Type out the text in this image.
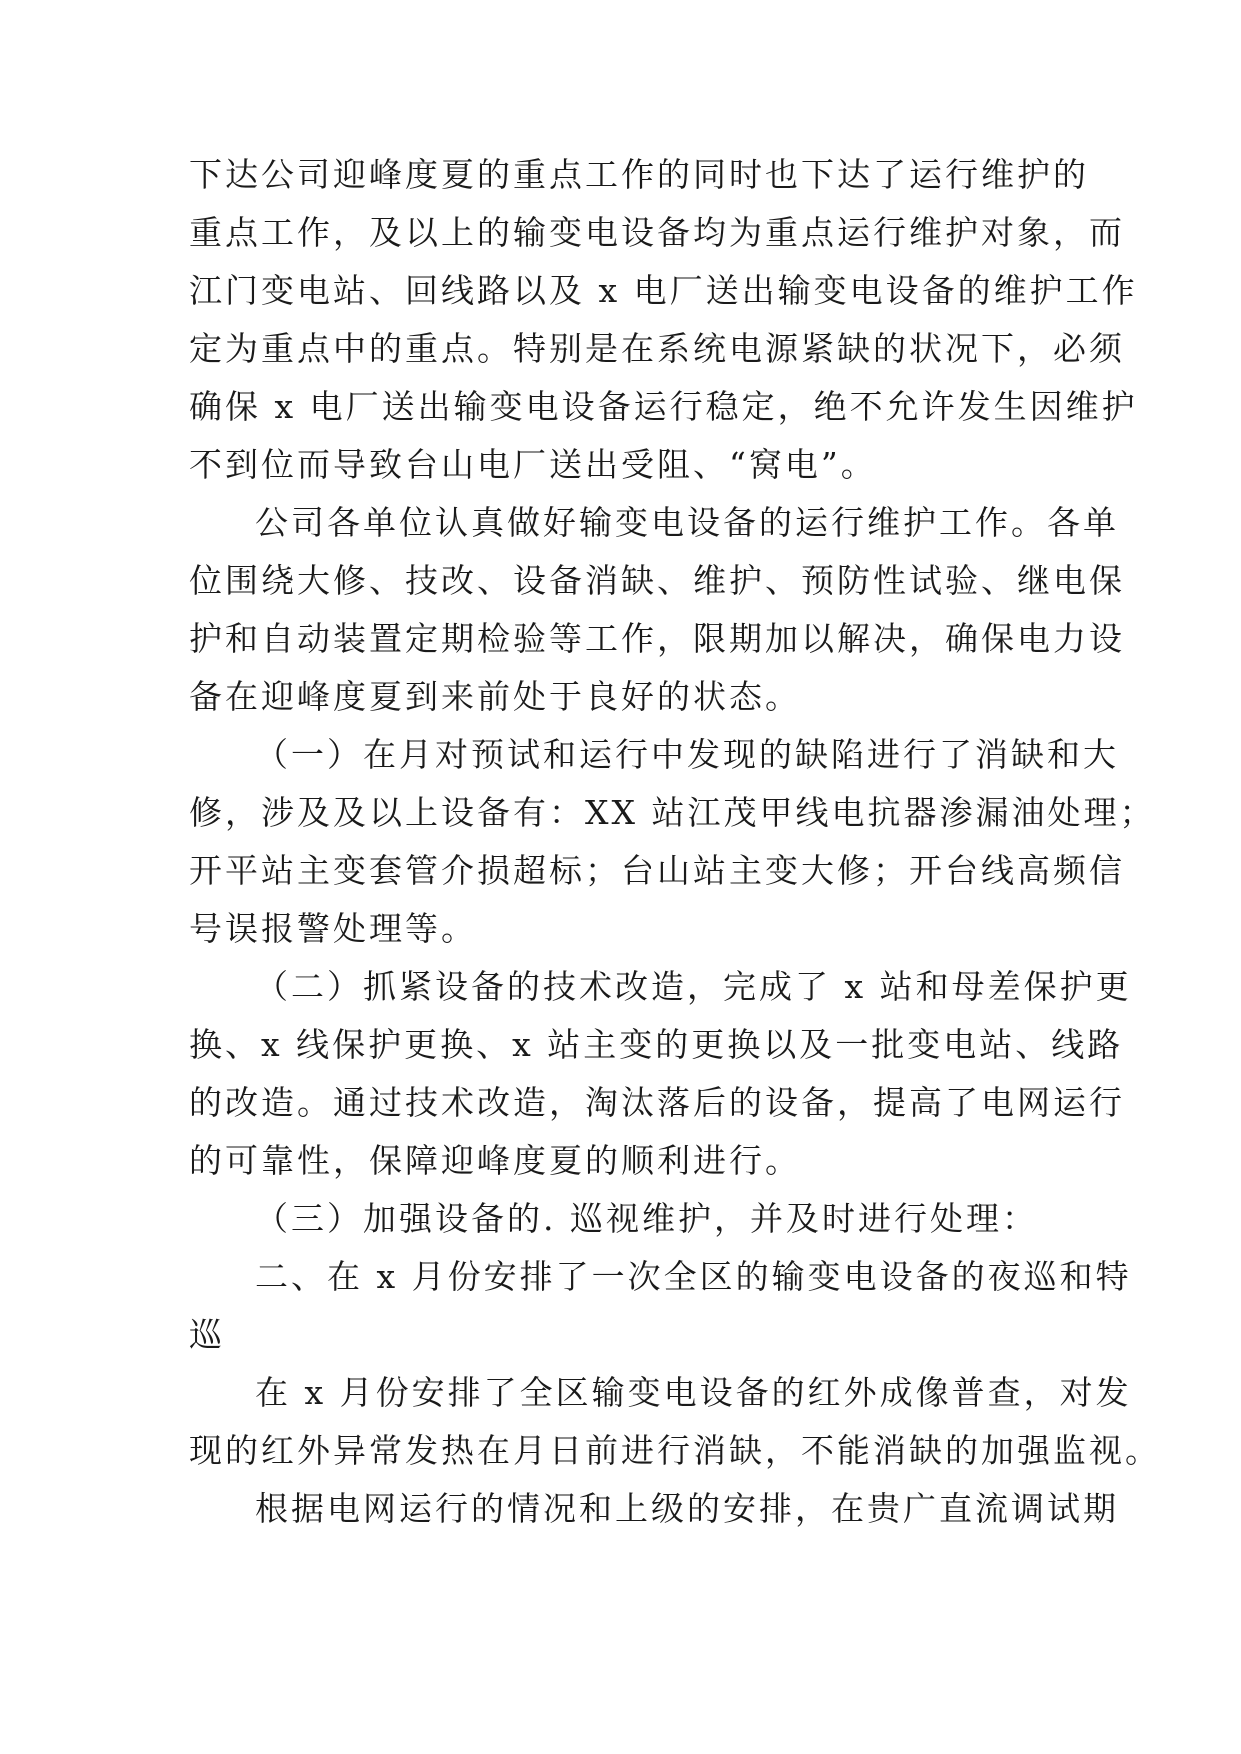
下达公司迎峰度夏的重点工作的同时也下达了运行维护的
重点工作，及以上的输变电设备均为重点运行维护对象，而
江门变电站、回线路以及 x 电厂送出输变电设备的维护工作
定为重点中的重点。特别是在系统电源紧缺的状况下，必须
确保 x 电厂送出输变电设备运行稳定，绝不允许发生因维护
不到位而导致台山电厂送出受阻、“窝电”。
公司各单位认真做好输变电设备的运行维护工作。各单
位围绕大修、技改、设备消缺、维护、预防性试验、继电保
护和自动装置定期检验等工作，限期加以解决，确保电力设
备在迎峰度夏到来前处于良好的状态。
（一）在月对预试和运行中发现的缺陷进行了消缺和大
修，涉及及以上设备有：XX 站江茂甲线电抗器渗漏油处理；
开平站主变套管介损超标；台山站主变大修；开台线高频信
号误报警处理等。
（二）抓紧设备的技术改造，完成了 x 站和母差保护更
换、x 线保护更换、x 站主变的更换以及一批变电站、线路
的改造。通过技术改造，淘汰落后的设备，提高了电网运行
的可靠性，保障迎峰度夏的顺利进行。
（三）加强设备的. 巡视维护，并及时进行处理：
二、在 x 月份安排了一次全区的输变电设备的夜巡和特
巡
在 x 月份安排了全区输变电设备的红外成像普查，对发
现的红外异常发热在月日前进行消缺，不能消缺的加强监视。
根据电网运行的情况和上级的安排，在贵广直流调试期
